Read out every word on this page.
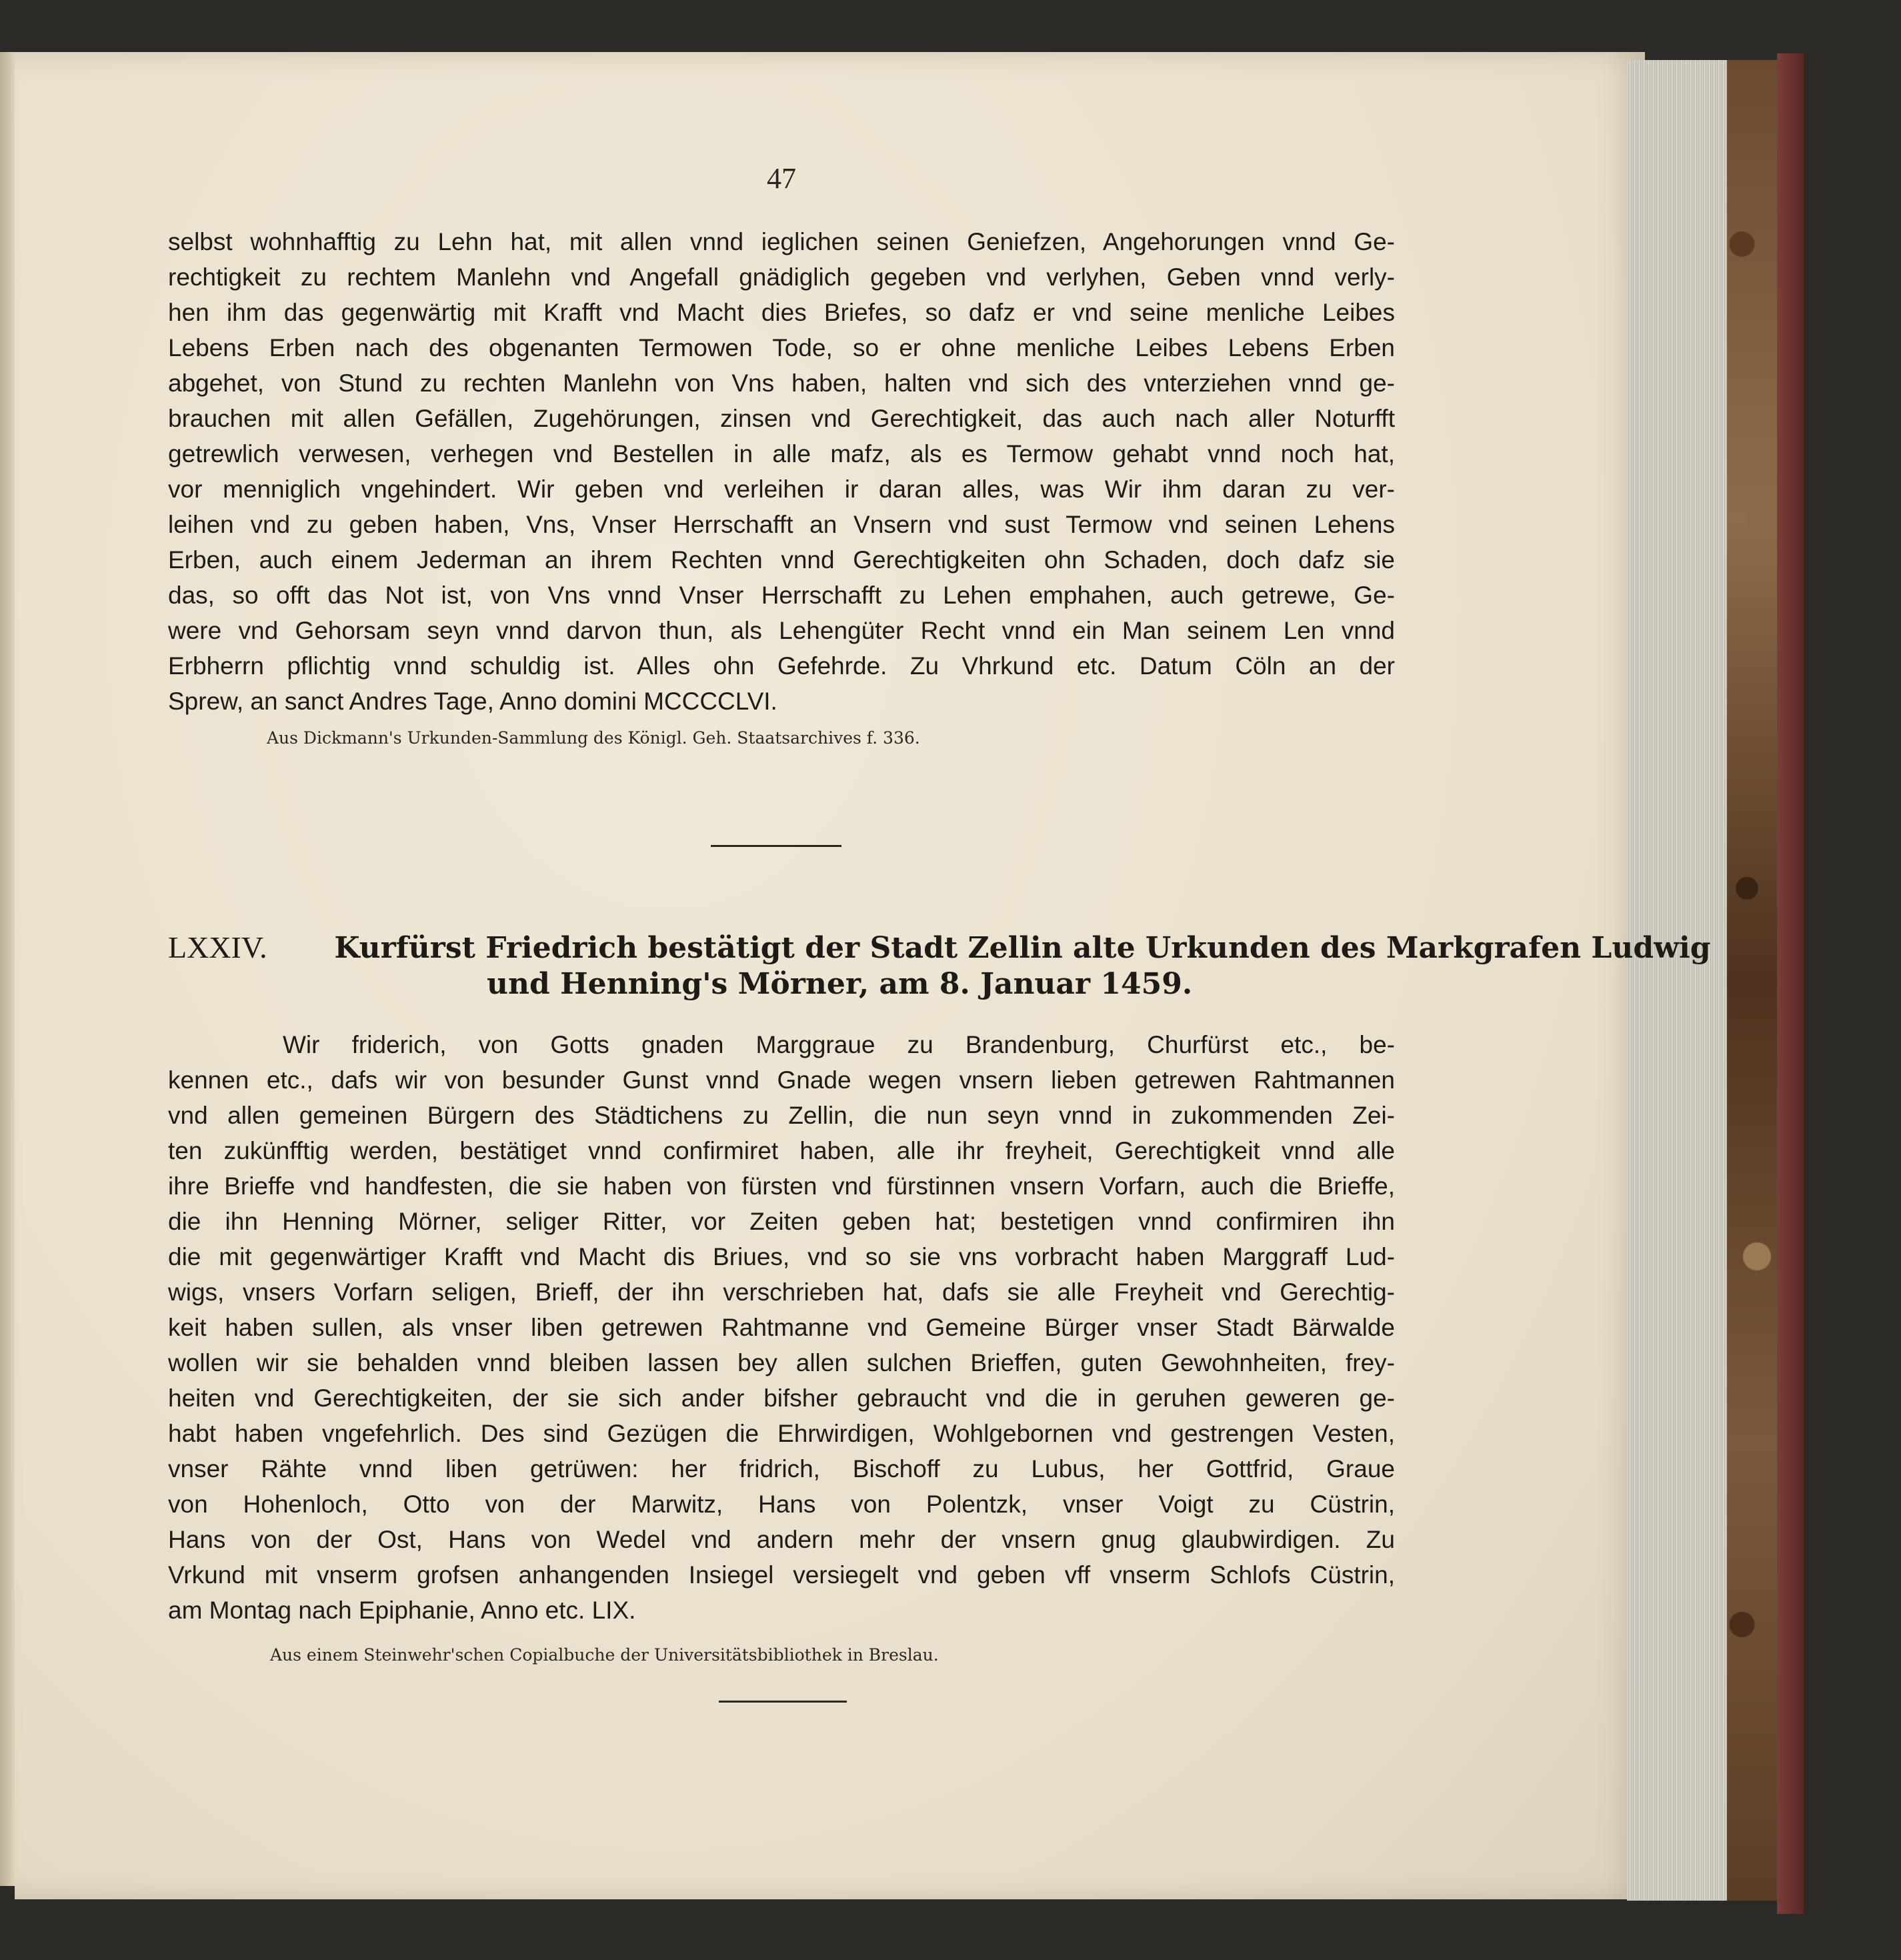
47
selbst wohnhafftig zu Lehn hat, mit allen vnnd ieglichen seinen Geniefzen, Angehorungen vnnd Ge-
rechtigkeit zu rechtem Manlehn vnd Angefall gnädiglich gegeben vnd verlyhen, Geben vnnd verly-
hen ihm das gegenwärtig mit Krafft vnd Macht dies Briefes, so dafz er vnd seine menliche Leibes
Lebens Erben nach des obgenanten Termowen Tode, so er ohne menliche Leibes Lebens Erben
abgehet, von Stund zu rechten Manlehn von Vns haben, halten vnd sich des vnterziehen vnnd ge-
brauchen mit allen Gefällen, Zugehörungen, zinsen vnd Gerechtigkeit, das auch nach aller Noturfft
getrewlich verwesen, verhegen vnd Bestellen in alle mafz, als es Termow gehabt vnnd noch hat,
vor menniglich vngehindert. Wir geben vnd verleihen ir daran alles, was Wir ihm daran zu ver-
leihen vnd zu geben haben, Vns, Vnser Herrschafft an Vnsern vnd sust Termow vnd seinen Lehens
Erben, auch einem Jederman an ihrem Rechten vnnd Gerechtigkeiten ohn Schaden, doch dafz sie
das, so offt das Not ist, von Vns vnnd Vnser Herrschafft zu Lehen emphahen, auch getrewe, Ge-
were vnd Gehorsam seyn vnnd darvon thun, als Lehengüter Recht vnnd ein Man seinem Len vnnd
Erbherrn pflichtig vnnd schuldig ist. Alles ohn Gefehrde. Zu Vhrkund etc. Datum Cöln an der
Sprew, an sanct Andres Tage, Anno domini MCCCCLVI.
Aus Dickmann's Urkunden-Sammlung des Königl. Geh. Staatsarchives f. 336.
LXXIV. Kurfürst Friedrich bestätigt der Stadt Zellin alte Urkunden des Markgrafen Ludwig
und Henning's Mörner, am 8. Januar 1459.
Wir friderich, von Gotts gnaden Marggraue zu Brandenburg, Churfürst etc., be-
kennen etc., dafs wir von besunder Gunst vnnd Gnade wegen vnsern lieben getrewen Rahtmannen
vnd allen gemeinen Bürgern des Städtichens zu Zellin, die nun seyn vnnd in zukommenden Zei-
ten zukünfftig werden, bestätiget vnnd confirmiret haben, alle ihr freyheit, Gerechtigkeit vnnd alle
ihre Brieffe vnd handfesten, die sie haben von fürsten vnd fürstinnen vnsern Vorfarn, auch die Brieffe,
die ihn Henning Mörner, seliger Ritter, vor Zeiten geben hat; bestetigen vnnd confirmiren ihn
die mit gegenwärtiger Krafft vnd Macht dis Briues, vnd so sie vns vorbracht haben Marggraff Lud-
wigs, vnsers Vorfarn seligen, Brieff, der ihn verschrieben hat, dafs sie alle Freyheit vnd Gerechtig-
keit haben sullen, als vnser liben getrewen Rahtmanne vnd Gemeine Bürger vnser Stadt Bärwalde
wollen wir sie behalden vnnd bleiben lassen bey allen sulchen Brieffen, guten Gewohnheiten, frey-
heiten vnd Gerechtigkeiten, der sie sich ander bifsher gebraucht vnd die in geruhen geweren ge-
habt haben vngefehrlich. Des sind Gezügen die Ehrwirdigen, Wohlgebornen vnd gestrengen Vesten,
vnser Rähte vnnd liben getrüwen: her fridrich, Bischoff zu Lubus, her Gottfrid, Graue
von Hohenloch, Otto von der Marwitz, Hans von Polentzk, vnser Voigt zu Cüstrin,
Hans von der Ost, Hans von Wedel vnd andern mehr der vnsern gnug glaubwirdigen. Zu
Vrkund mit vnserm grofsen anhangenden Insiegel versiegelt vnd geben vff vnserm Schlofs Cüstrin,
am Montag nach Epiphanie, Anno etc. LIX.
Aus einem Steinwehr'schen Copialbuche der Universitätsbibliothek in Breslau.
